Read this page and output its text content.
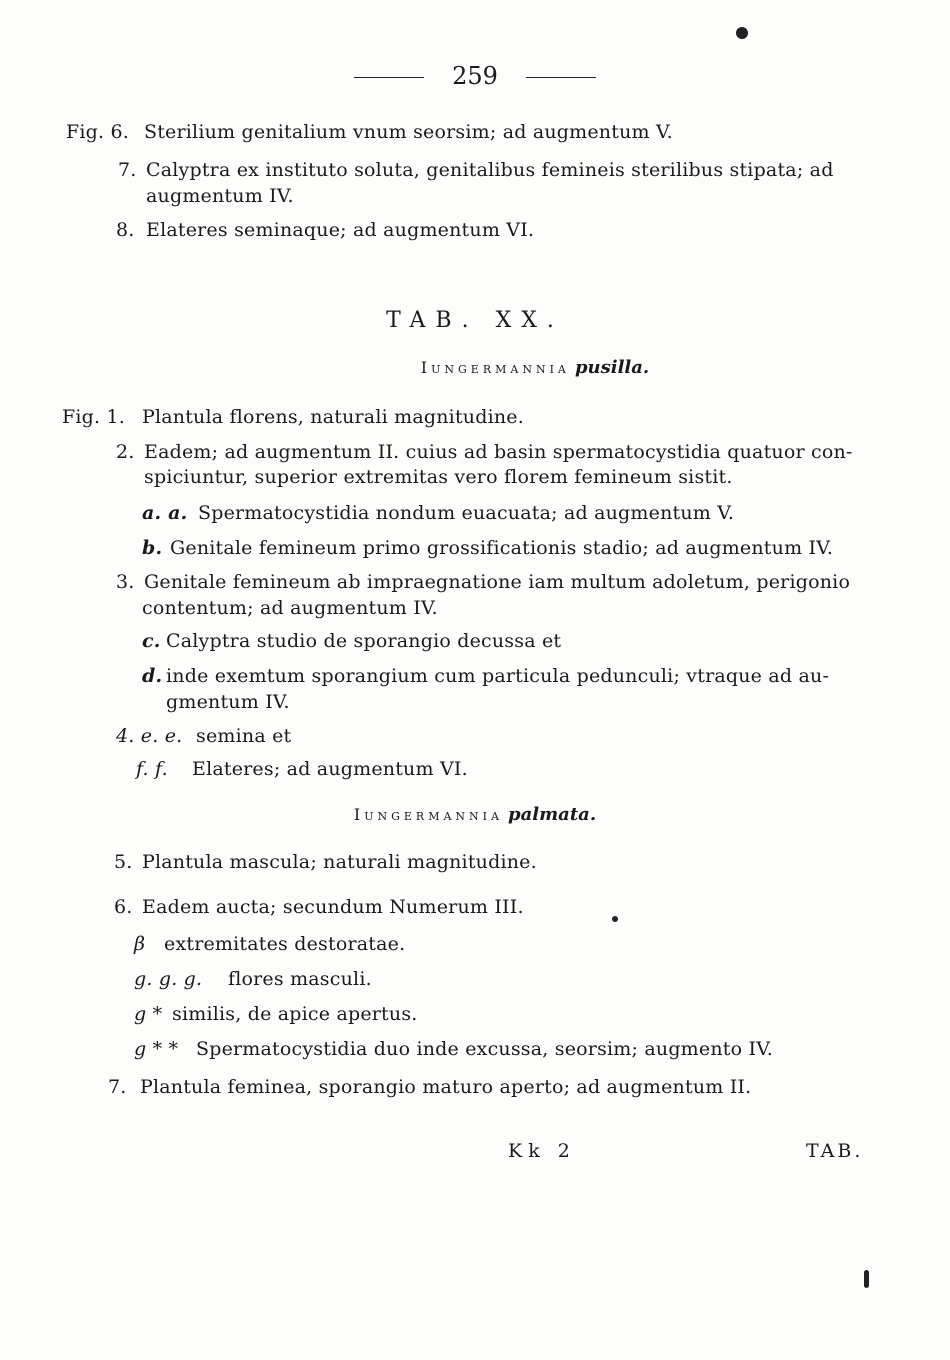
259
Fig. 6. Sterilium genitalium vnum seorsim; ad augmentum V.
7. Calyptra ex instituto soluta, genitalibus femineis sterilibus stipata; ad
augmentum IV.
8. Elateres seminaque; ad augmentum VI.
TAB. XX.
Iungermannia pusilla.
Fig. 1. Plantula florens, naturali magnitudine.
2. Eadem; ad augmentum II. cuius ad basin spermatocystidia quatuor con-
spiciuntur, superior extremitas vero florem femineum sistit.
a. a. Spermatocystidia nondum euacuata; ad augmentum V.
b. Genitale femineum primo grossificationis stadio; ad augmentum IV.
3. Genitale femineum ab impraegnatione iam multum adoletum, perigonio
contentum; ad augmentum IV.
c. Calyptra studio de sporangio decussa et
d. inde exemtum sporangium cum particula pedunculi; vtraque ad au-
gmentum IV.
4. e. e. semina et
f. f. Elateres; ad augmentum VI.
Iungermannia palmata.
5. Plantula mascula; naturali magnitudine.
6. Eadem aucta; secundum Numerum III.
β extremitates destoratae.
g. g. g. flores masculi.
g * similis, de apice apertus.
g * * Spermatocystidia duo inde excussa, seorsim; augmento IV.
7. Plantula feminea, sporangio maturo aperto; ad augmentum II.
Kk 2	TAB.
